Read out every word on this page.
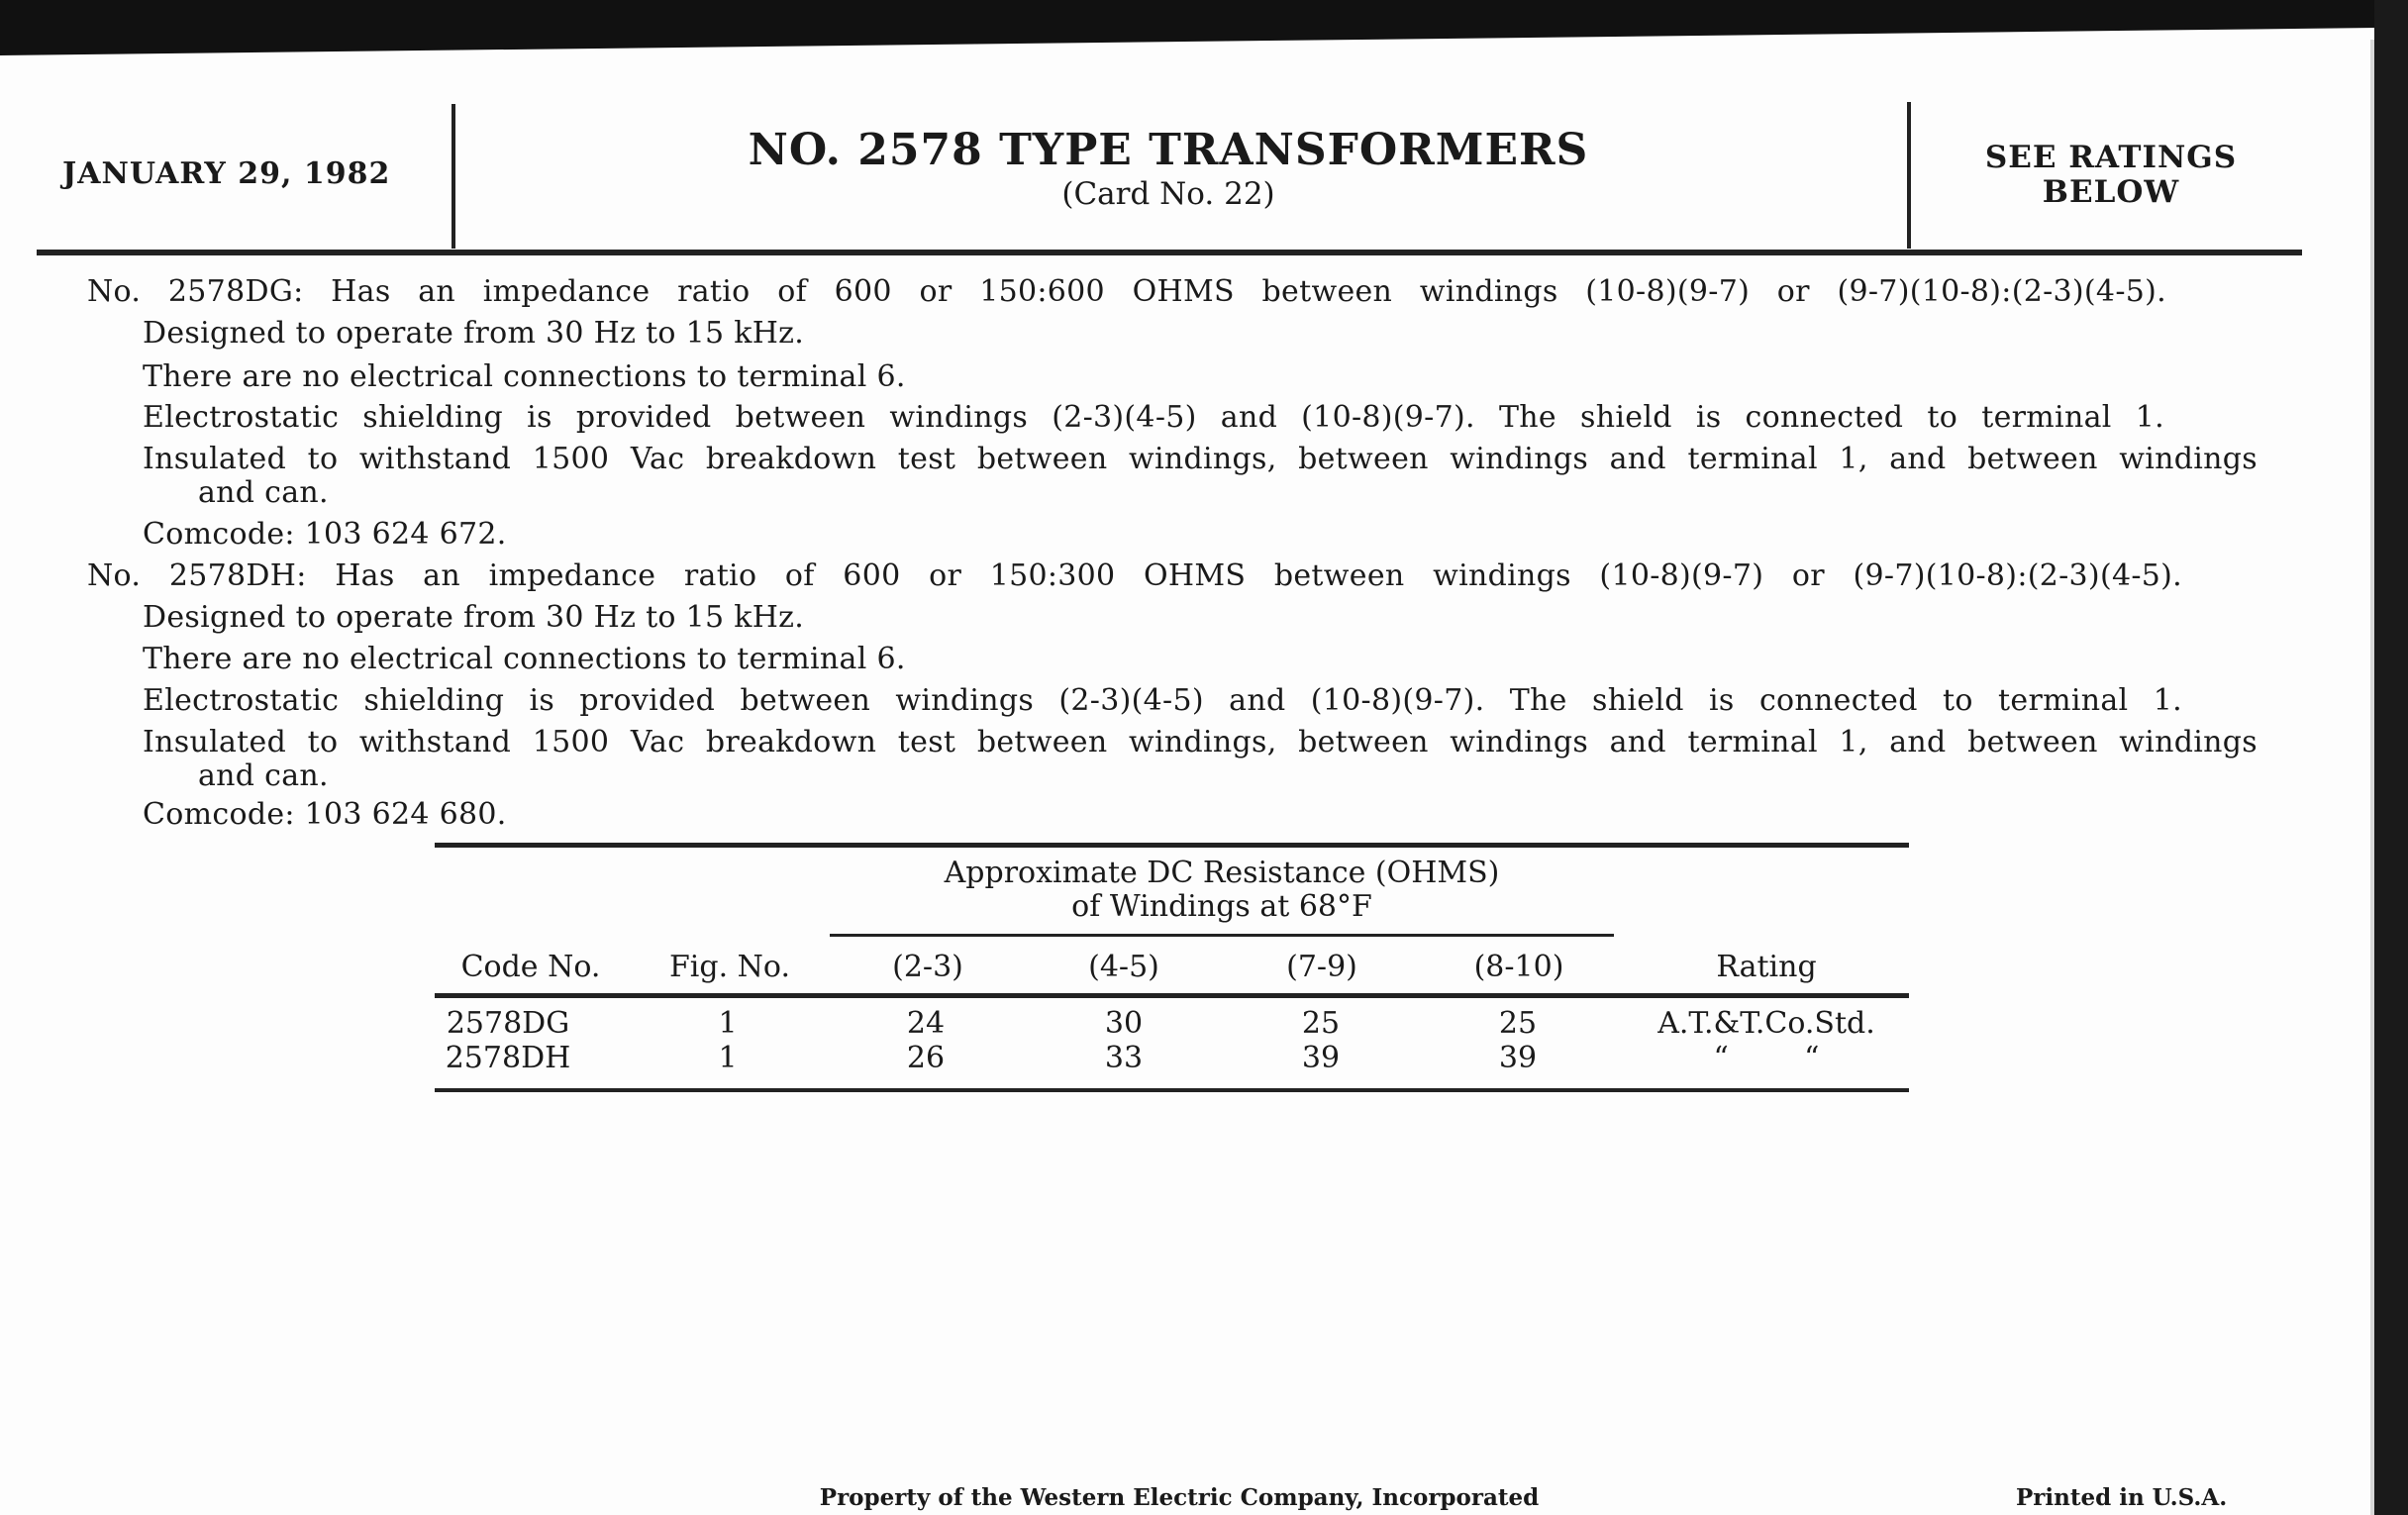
JANUARY 29, 1982	NO. 2578 TYPE TRANSFORMERS
(Card No. 22)
SEE RATINGS
BELOW
No. 2578DG: Has an impedance ratio of 600 or 150:600 OHMS between windings (10-8)(9-7) or (9-7)(10-8):(2-3)(4-5).
Designed to operate from 30 Hz to 15 kHz.
There are no electrical connections to terminal 6.
Electrostatic shielding is provided between windings (2-3)(4-5) and (10-8)(9-7). The shield is connected to terminal 1.
Insulated to withstand 1500 Vac breakdown test between windings, between windings and terminal 1, and between windings
and can.
Comcode: 103 624 672.
No. 2578DH: Has an impedance ratio of 600 or 150:300 OHMS between windings (10-8)(9-7) or (9-7)(10-8):(2-3)(4-5).
Designed to operate from 30 Hz to 15 kHz.
There are no electrical connections to terminal 6.
Electrostatic shielding is provided between windings (2-3)(4-5) and (10-8)(9-7). The shield is connected to terminal 1.
Insulated to withstand 1500 Vac breakdown test between windings, between windings and terminal 1, and between windings
and can.
Comcode: 103 624 680.
Approximate DC Resistance (OHMS)
of Windings at 68°F
Code No. Fig. No.	(2-3)	(4-5)	(7-9)	(8-10)	Rating
2578DG	1	24	30	25	25	A.T.&T.Co.Std.
2578DH	1	26	33	39	39	“        “
Property of the Western Electric Company, Incorporated	Printed in U.S.A.
